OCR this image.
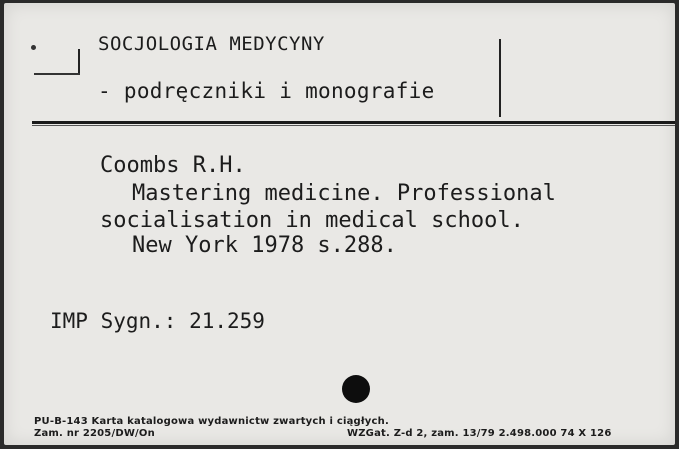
SOCJOLOGIA MEDYCYNY
- podręczniki i monografie
Coombs R.H.
Mastering medicine. Professional
socialisation in medical school.
New York 1978 s.288.
IMP Sygn.: 21.259
PU-B-143 Karta katalogowa wydawnictw zwartych i ciągłych.
Zam. nr 2205/DW/On	WZGat. Z-d 2, zam. 13/79 2.498.000 74 X 126
